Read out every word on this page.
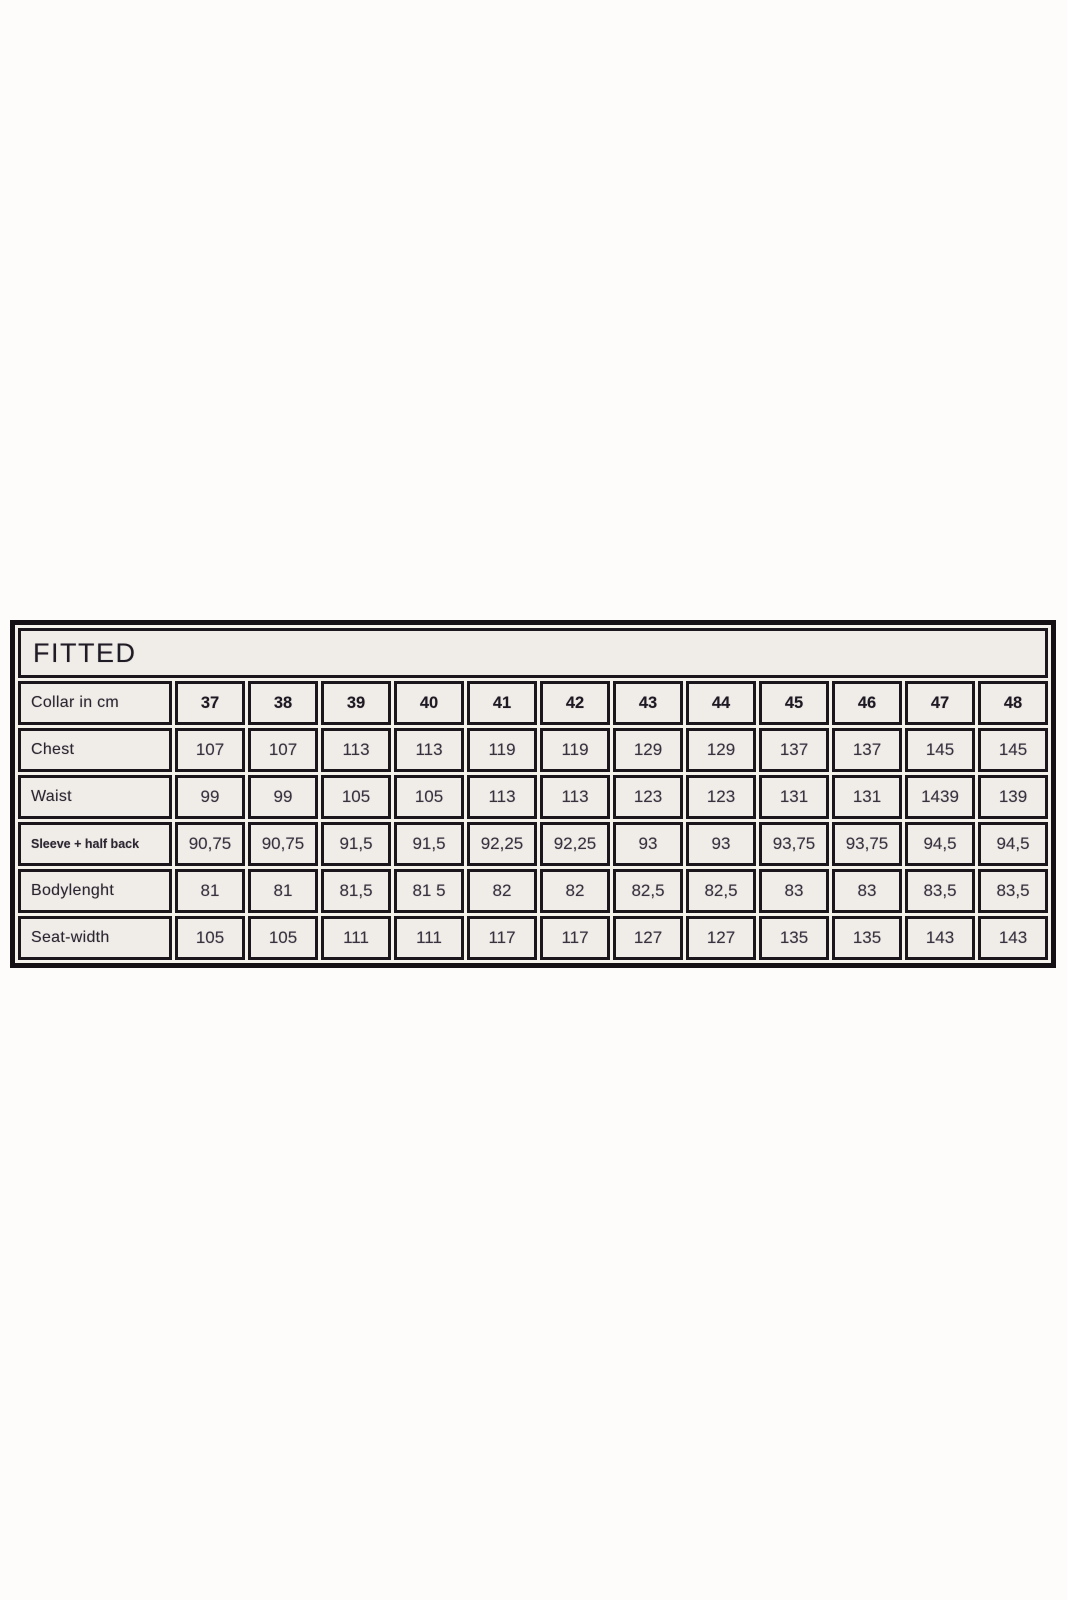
FITTED												
Collar in cm	37	38	39	40	41	42	43	44	45	46	47	48
Chest	107	107	113	113	119	119	129	129	137	137	145	145
Waist	99	99	105	105	113	113	123	123	131	131	1439	139
Sleeve + half back	90,75	90,75	91,5	91,5	92,25	92,25	93	93	93,75	93,75	94,5	94,5
Bodylenght	81	81	81,5	81 5	82	82	82,5	82,5	83	83	83,5	83,5
Seat-width	105	105	111	111	117	117	127	127	135	135	143	143
